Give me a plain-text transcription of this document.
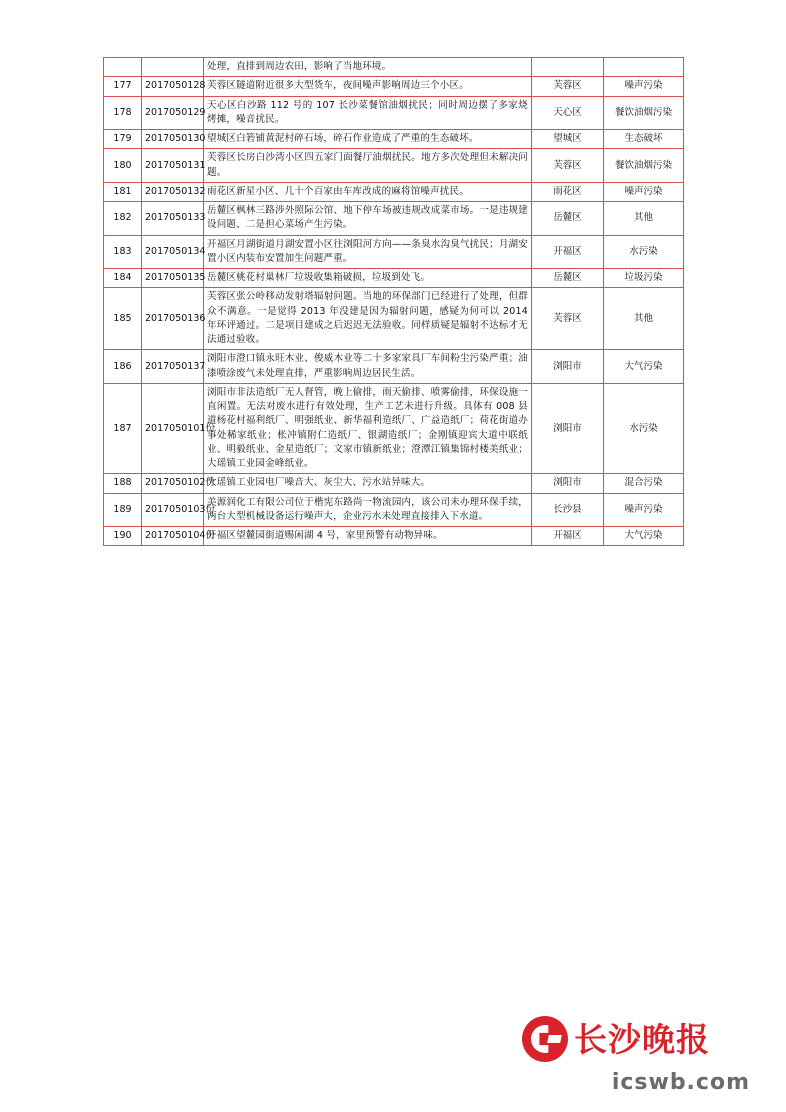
		处理，直排到周边农田，影响了当地环境。		
177	2017050128	芙蓉区隧道附近很多大型货车，夜间噪声影响周边三个小区。	芙蓉区	噪声污染
178	2017050129	天心区白沙路 112 号的 107 长沙菜餐馆油烟扰民；同时周边摆了多家烧烤摊，噪音扰民。	天心区	餐饮油烟污染
179	2017050130	望城区白箬铺黄泥村碎石场，碎石作业造成了严重的生态破坏。	望城区	生态破坏
180	2017050131	芙蓉区长房白沙湾小区四五家门面餐厅油烟扰民。地方多次处理但未解决问题。	芙蓉区	餐饮油烟污染
181	2017050132	雨花区新星小区、几十个百家由车库改成的麻将馆噪声扰民。	雨花区	噪声污染
182	2017050133	岳麓区枫林三路涉外照际公馆、地下停车场被违规改成菜市场。一是违规建设问题、二是担心菜场产生污染。	岳麓区	其他
183	2017050134	开福区月湖街道月湖安置小区往浏阳河方向——条臭水沟臭气扰民；月湖安置小区内装布安置加生问题严重。	开福区	水污染
184	2017050135	岳麓区桃花村巢林厂垃圾收集箱破损，垃圾到处飞。	岳麓区	垃圾污染
185	2017050136	芙蓉区张公岭移动发射塔辐射问题。当地的环保部门已经进行了处理，但群众不满意。一是觉得 2013 年没建是因为辐射问题，感疑为何可以 2014 年环评通过。二是项目建成之后迟迟无法验收。同样质疑是辐射不达标才无法通过验收。	芙蓉区	其他
186	2017050137	浏阳市澄口镇永旺木业、俊威木业等二十多家家具厂车间粉尘污染严重；油漆喷涂废气未处理直排，严重影响周边居民生活。	浏阳市	大气污染
187	2017050101份	浏阳市非法造纸厂无人督管，晚上偷排，雨天偷排、喷雾偷排，环保设施一直闲置。无法对废水进行有效处理，生产工艺未进行升级。具体有 008 县道杨花村福利纸厂、明强纸业、新华福利造纸厂、广益造纸厂；荷花街道办事处稀家纸业；枨冲镇附仁造纸厂、银湖造纸厂；金刚镇迎宾大道中联纸业、明毅纸业、金星造纸厂；文家市镇新纸业；澄潭江镇集锦村楼美纸业；大瑶镇工业园金峰纸业。	浏阳市	水污染
188	2017050102份	大瑶镇工业园电厂噪音大、灰尘大、污水站异味大。	浏阳市	混合污染
189	2017050103份	美源润化工有限公司位于楷宪东路尚一物流园内，该公司未办理环保手续，两台大型机械设备运行噪声大，企业污水未处理直接排入下水道。	长沙县	噪声污染
190	2017050104份	开福区望麓园街道赐闲湖 4 号，家里预警有动物异味。	开福区	大气污染
长沙晚报
icswb.com
